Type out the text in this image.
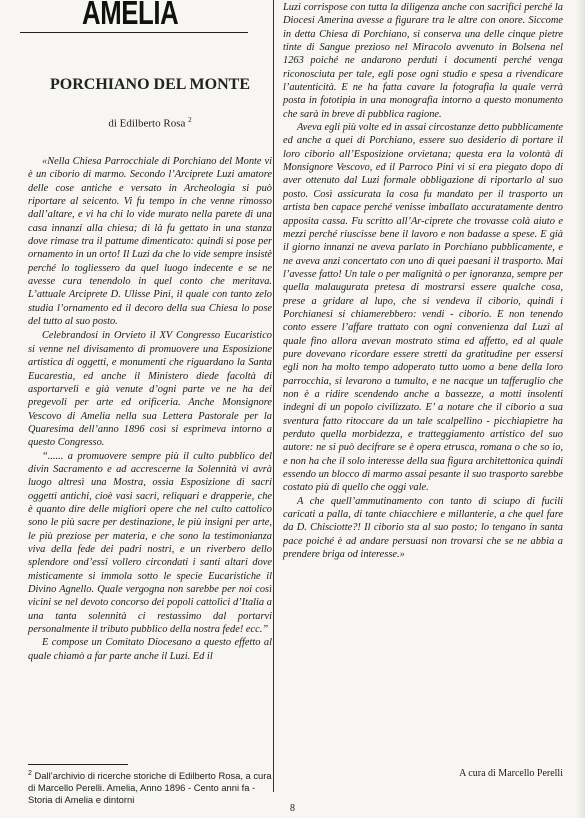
AMELIA
PORCHIANO DEL MONTE
di Edilberto Rosa $^2$

«Nella Chiesa Parrocchiale di Porchiano del Monte vi è un ciborio di marmo. Secondo l’Arciprete Luzi amatore delle cose antiche e versato in Archeologia si può riportare al seicento. Vi fu tempo in che venne rimosso dall’altare, e vi ha chi lo vide murato nella parete di una casa innanzi alla chiesa; di là fu gettato in una stanza dove rimase tra il pattume dimenticato: quindi si pose per ornamento in un orto! Il Luzi da che lo vide sempre insistè perché lo togliessero da quel luogo indecente e se ne avesse cura tenendolo in quel conto che meritava. L’attuale Arciprete D. Ulisse Pini, il quale con tanto zelo studia l’ornamento ed il decoro della sua Chiesa lo pose del tutto al suo posto.

Celebrandosi in Orvieto il XV Congresso Eucaristico si venne nel divisamento di promuovere una Esposizione artistica di oggetti, e monumenti che riguardano la Santa Eucarestia, ed anche il Ministero diede facoltà di asportarveli e già venute d’ogni parte ve ne ha dei pregevoli per arte ed orificeria. Anche Monsignore Vescovo di Amelia nella sua Lettera Pastorale per la Quaresima dell’anno 1896 così si esprimeva intorno a questo Congresso.

“...... a promuovere sempre più il culto pubblico del divin Sacramento e ad accrescerne la Solennità vi avrà luogo altresì una Mostra, ossia Esposizione di sacri oggetti antichi, cioè vasi sacri, reliquari e drapperie, che è quanto dire delle migliori opere che nel culto cattolico sono le più sacre per destinazione, le più insigni per arte, le più preziose per materia, e che sono la testimonianza viva della fede dei padri nostri, e un riverbero dello splendore ond’essi vollero circondati i santi altari dove misticamente si immola sotto le specie Eucaristiche il Divino Agnello. Quale vergogna non sarebbe per noi così vicini se nel devoto concorso dei popoli cattolici d’Italia a una tanta solennità ci restassimo dal portarvi personalmente il tributo pubblico della nostra fede! ecc.”

E compose un Comitato Diocesano a questo effetto al quale chiamò a far parte anche il Luzi. Ed il

$^2$ Dall’archivio di ricerche storiche di Edilberto Rosa, a cura di Marcello Perelli. Amelia, Anno 1896 - Cento anni fa - Storia di Amelia e dintorni

Luzi corrispose con tutta la diligenza anche con sacrifici perché la Diocesi Amerina avesse a figurare tra le altre con onore. Siccome in detta Chiesa di Porchiano, si conserva una delle cinque pietre tinte di Sangue prezioso nel Miracolo avvenuto in Bolsena nel 1263 poiché ne andarono perduti i documenti perché venga riconosciuta per tale, egli pose ogni studio e spesa a rivendicare l’autenticità. E ne ha fatta cavare la fotografia la quale verrà posta in fototipia in una monografia intorno a questo monumento che sarà in breve di pubblica ragione.

Aveva egli più volte ed in assai circostanze detto pubblicamente ed anche a quei di Porchiano, essere suo desiderio di portare il loro ciborio all’Esposizione orvietana; questa era la volontà di Monsignore Vescovo, ed il Parroco Pini vi si era piegato dopo di aver ottenuto dal Luzi formale obbligazione di riportarlo al suo posto. Così assicurata la cosa fu mandato per il trasporto un artista ben capace perché venisse imballato accuratamente dentro apposita cassa. Fu scritto all’Ar-ciprete che trovasse colà aiuto e mezzi perché riuscisse bene il lavoro e non badasse a spese. E già il giorno innanzi ne aveva parlato in Porchiano pubblicamente, e ne aveva anzi concertato con uno di quei paesani il trasporto. Mai l’avesse fatto! Un tale o per malignità o per ignoranza, sempre per quella malaugurata pretesa di mostrarsi essere qualche cosa, prese a gridare al lupo, che si vendeva il ciborio, quindi i Porchianesi si chiamerebbero: vendi - ciborio. E non tenendo conto essere l’affare trattato con ogni convenienza dal Luzi al quale fino allora avevan mostrato stima ed affetto, ed al quale pure dovevano ricordare essere stretti da gratitudine per essersi egli non ha molto tempo adoperato tutto uomo a bene della loro parrocchia, si levarono a tumulto, e ne nacque un tafferuglio che non è a ridire scendendo anche a bassezze, a motti insolenti indegni di un popolo civilizzato. E’ a notare che il ciborio a sua sventura fatto ritoccare da un tale scalpellino - picchiapietre ha perduto quella morbidezza, e tratteggiamento artistico del suo autore: ne si può decifrare se è opera etrusca, romana o che so io, e non ha che il solo interesse della sua figura architettonica quindi essendo un blocco di marmo assai pesante il suo trasporto sarebbe costato più di quello che oggi vale.

A che quell’ammutinamento con tanto di sciupo di fucili caricati a palla, di tante chiacchiere e millanterie, a che quel fare da D. Chisciotte?! Il ciborio sta al suo posto; lo tengano in santa pace poiché è ad andare persuasi non trovarsi che se ne abbia a prendere briga od interesse.»

A cura di Marcello Perelli
8
